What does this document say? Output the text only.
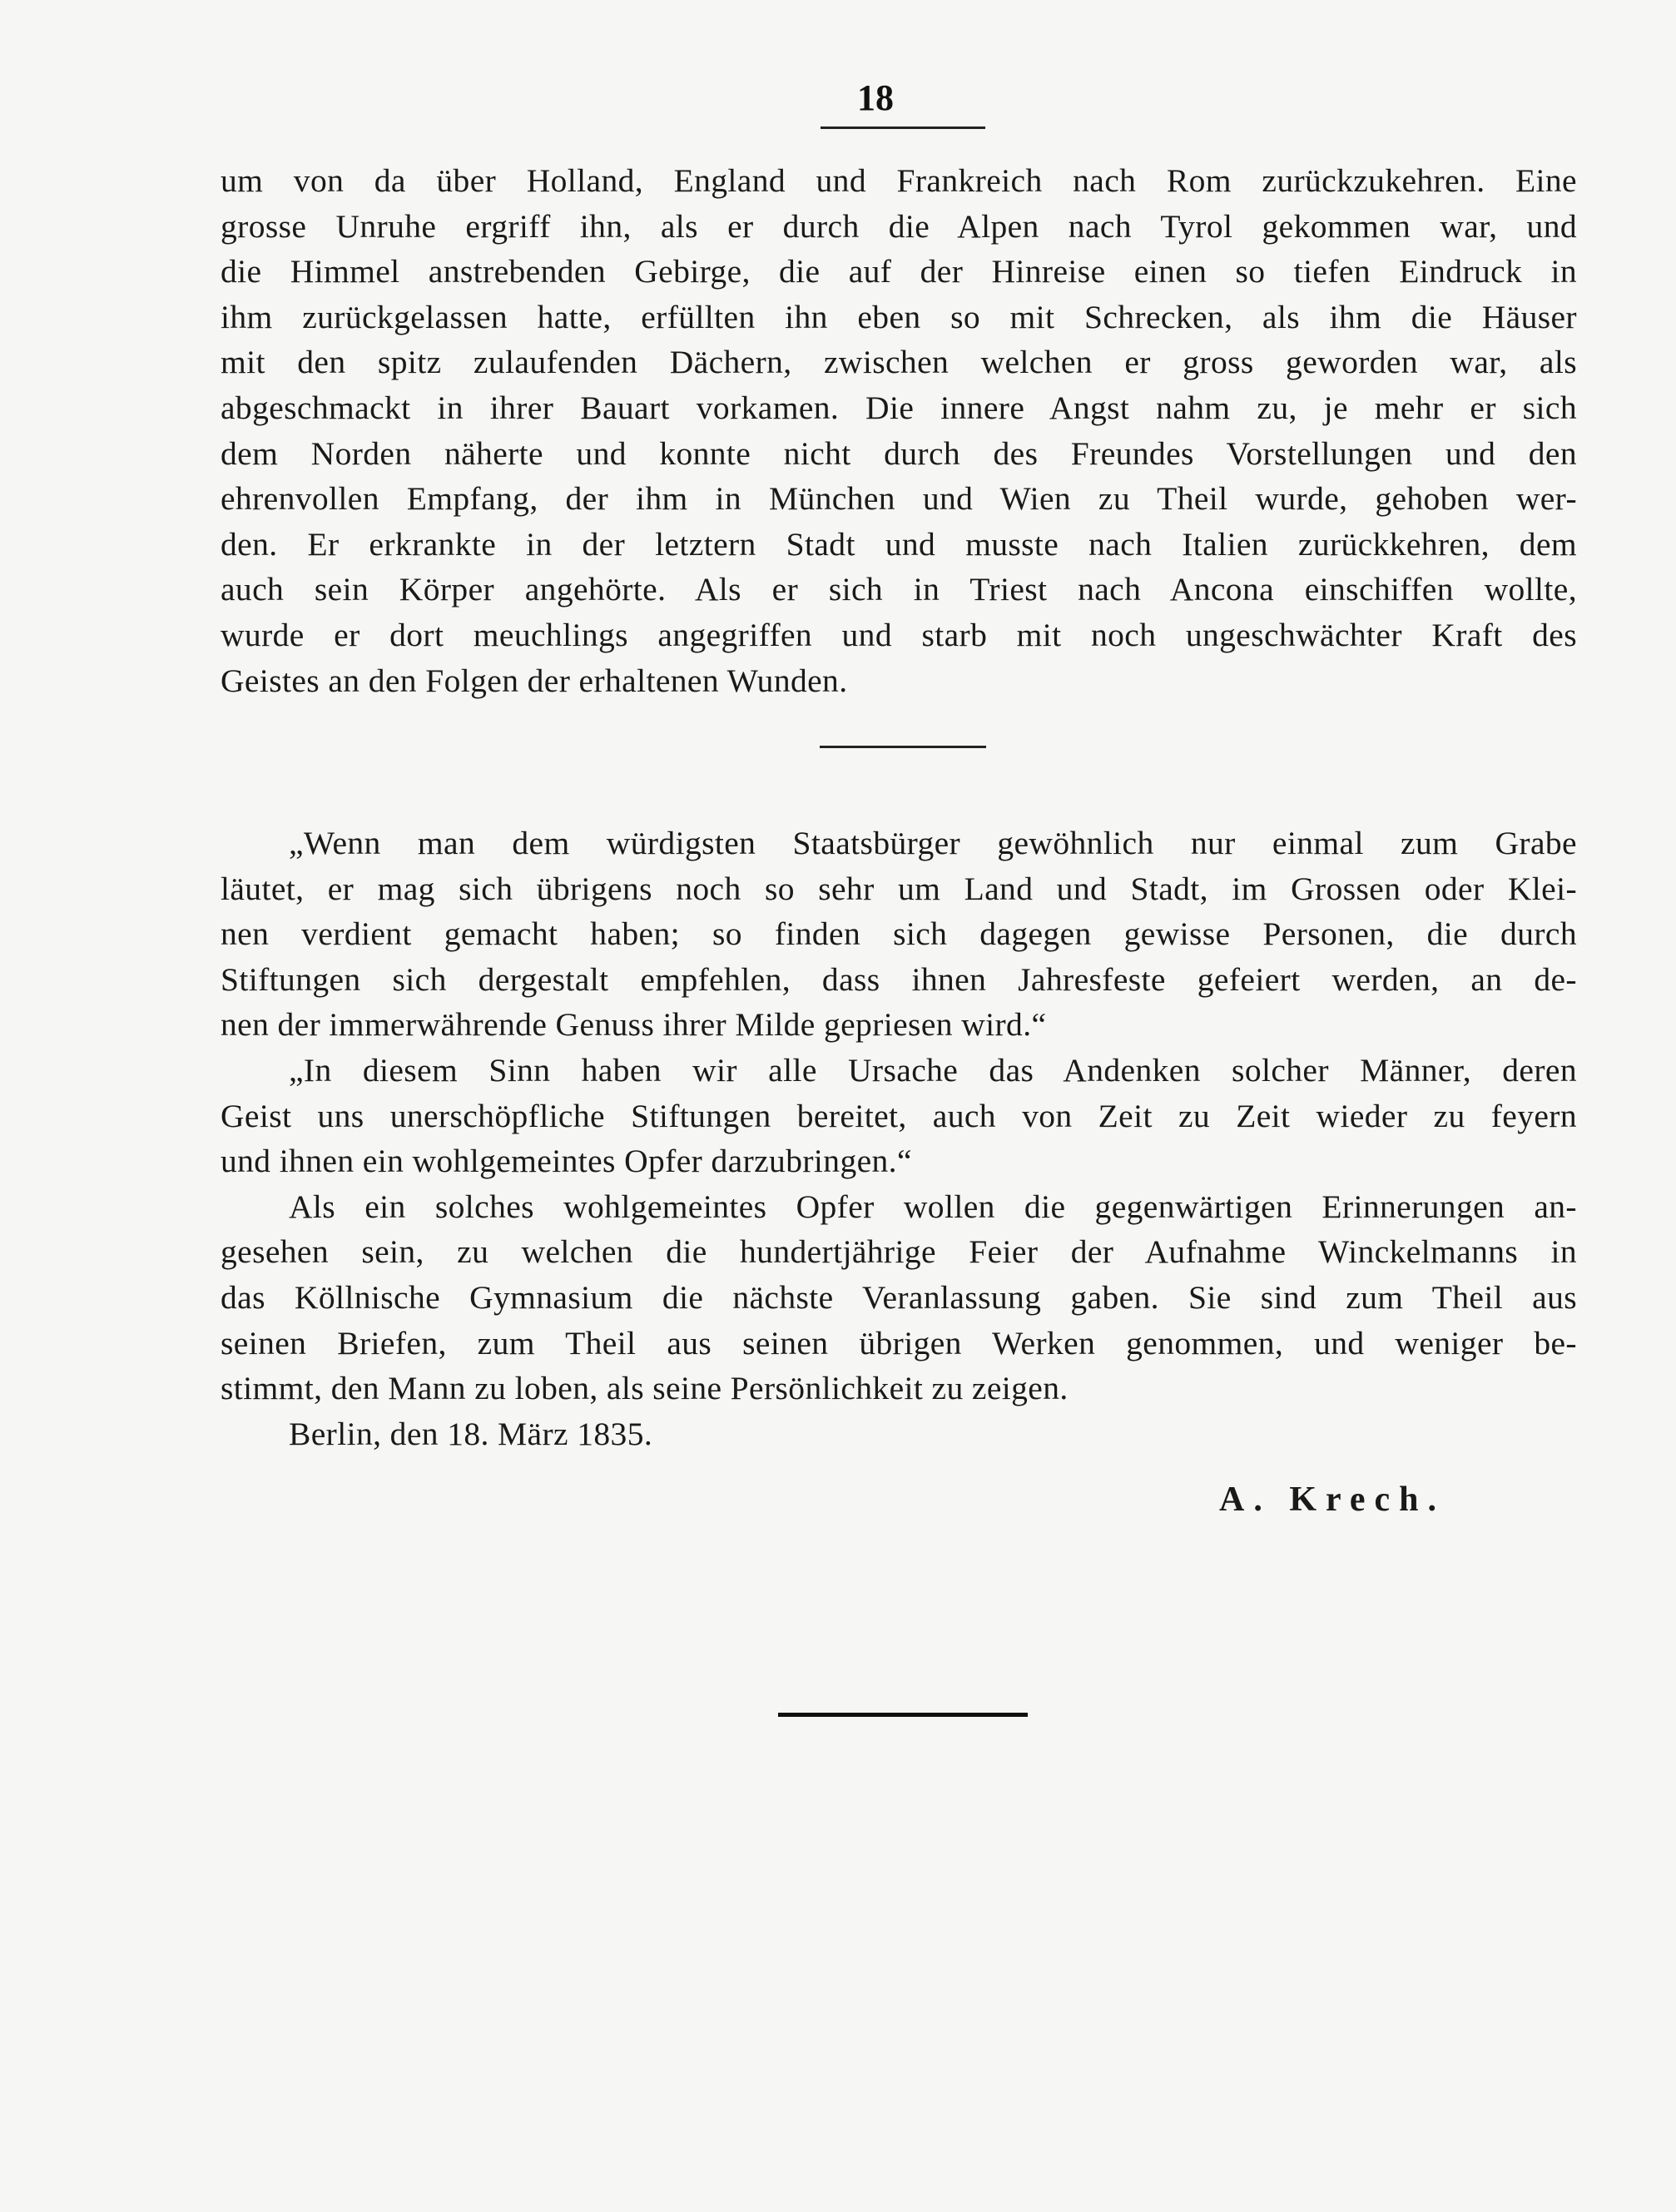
18
um von da über Holland, England und Frankreich nach Rom zurückzukehren. Eine
grosse Unruhe ergriff ihn, als er durch die Alpen nach Tyrol gekommen war, und
die Himmel anstrebenden Gebirge, die auf der Hinreise einen so tiefen Eindruck in
ihm zurückgelassen hatte, erfüllten ihn eben so mit Schrecken, als ihm die Häuser
mit den spitz zulaufenden Dächern, zwischen welchen er gross geworden war, als
abgeschmackt in ihrer Bauart vorkamen. Die innere Angst nahm zu, je mehr er sich
dem Norden näherte und konnte nicht durch des Freundes Vorstellungen und den
ehrenvollen Empfang, der ihm in München und Wien zu Theil wurde, gehoben wer-
den. Er erkrankte in der letztern Stadt und musste nach Italien zurückkehren, dem
auch sein Körper angehörte. Als er sich in Triest nach Ancona einschiffen wollte,
wurde er dort meuchlings angegriffen und starb mit noch ungeschwächter Kraft des
Geistes an den Folgen der erhaltenen Wunden.
„Wenn man dem würdigsten Staatsbürger gewöhnlich nur einmal zum Grabe
läutet, er mag sich übrigens noch so sehr um Land und Stadt, im Grossen oder Klei-
nen verdient gemacht haben; so finden sich dagegen gewisse Personen, die durch
Stiftungen sich dergestalt empfehlen, dass ihnen Jahresfeste gefeiert werden, an de-
nen der immerwährende Genuss ihrer Milde gepriesen wird.“
„In diesem Sinn haben wir alle Ursache das Andenken solcher Männer, deren
Geist uns unerschöpfliche Stiftungen bereitet, auch von Zeit zu Zeit wieder zu feyern
und ihnen ein wohlgemeintes Opfer darzubringen.“
Als ein solches wohlgemeintes Opfer wollen die gegenwärtigen Erinnerungen an-
gesehen sein, zu welchen die hundertjährige Feier der Aufnahme Winckelmanns in
das Köllnische Gymnasium die nächste Veranlassung gaben. Sie sind zum Theil aus
seinen Briefen, zum Theil aus seinen übrigen Werken genommen, und weniger be-
stimmt, den Mann zu loben, als seine Persönlichkeit zu zeigen.
Berlin, den 18. März 1835.
A. Krech.
